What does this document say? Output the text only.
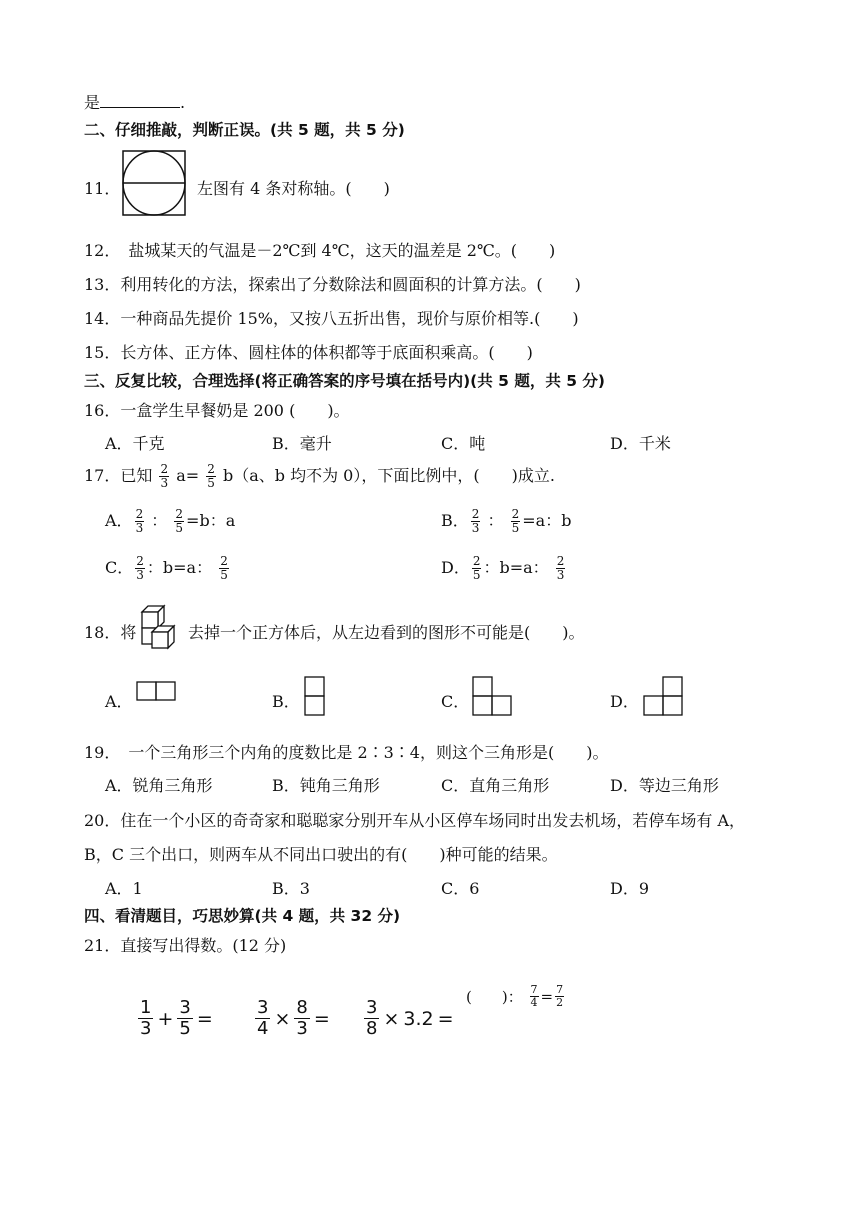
是	.
二、仔细推敲，判断正误。(共 5 题，共 5 分)
11．	左图有 4 条对称轴。(　　)
12．　盐城某天的气温是－2℃到 4℃，这天的温差是 2℃。(　　)
13．利用转化的方法，探索出了分数除法和圆面积的计算方法。(　　)
14．一种商品先提价 15%，又按八五折出售，现价与原价相等.(　　)
15．长方体、正方体、圆柱体的体积都等于底面积乘高。(　　)
三、反复比较，合理选择(将正确答案的序号填在括号内)(共 5 题，共 5 分)
16．一盒学生早餐奶是 200 (　　)。
A．千克	B．毫升	C．吨	D．千米
17．已知 $\frac{2}{3} a= \frac{2}{5} b(a$、b 均不为 0），下面比例中，(　　)成立.
A． $\frac{2}{3}$ ： $\frac{2}{5} =b$：a	B． $\frac{2}{3}$ ： $\frac{2}{5} =a$：b
C． $\frac{2}{3}$ ：b=a： $\frac{2}{5}$	D． $\frac{2}{5}$ ：b=a： $\frac{2}{3}$
18．将	去掉一个正方体后，从左边看到的图形不可能是(　　)。
A．	B．	C．	D．
19．　一个三角形三个内角的度数比是 2∶3∶4，则这个三角形是(　　)。
A．锐角三角形	B．钝角三角形	C．直角三角形	D．等边三角形
20．住在一个小区的奇奇家和聪聪家分别开车从小区停车场同时出发去机场，若停车场有 A，
B，C 三个出口，则两车从不同出口驶出的有(　　)种可能的结果。
A．1	B．3	C．6	D．9
四、看清题目，巧思妙算(共 4 题，共 32 分)
21．直接写出得数。(12 分)
$\frac{1}{3} + \frac{3}{5} = \frac{3}{4} \times \frac{8}{3} = \frac{3}{8} \times 3.2$ =
(　　)： $\frac{7}{4} = \frac{7}{2}$
